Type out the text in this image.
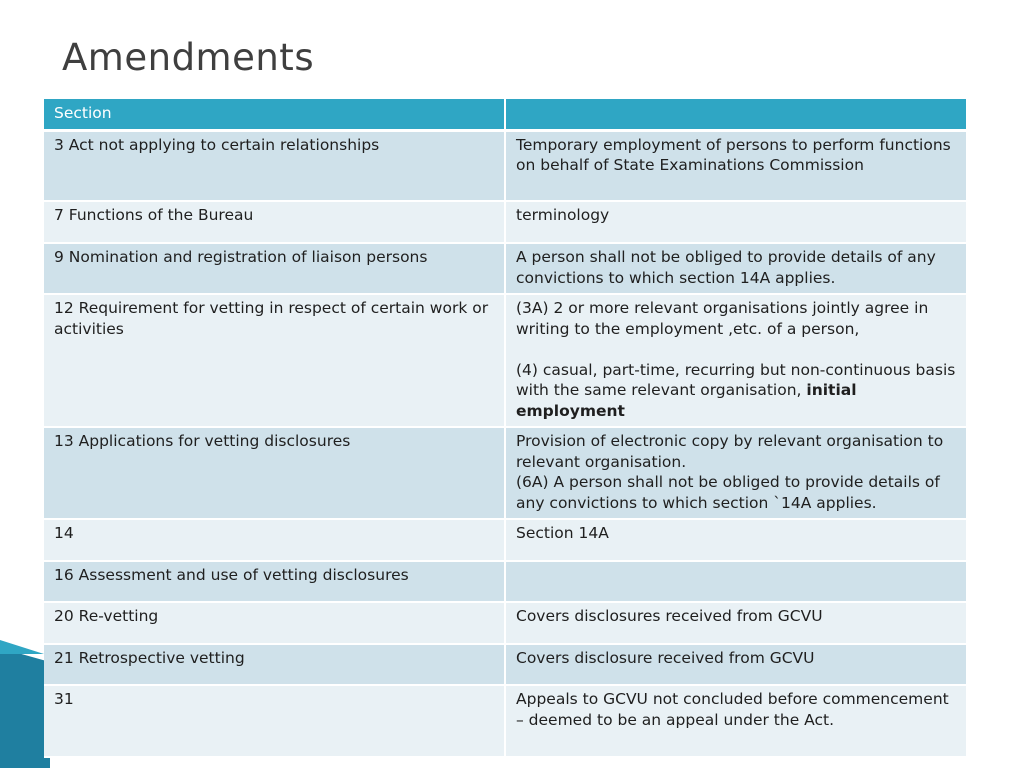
Amendments
Section	
3 Act not applying to certain relationships	Temporary employment of persons to perform functions on behalf of State Examinations Commission
7 Functions of the Bureau	terminology
9 Nomination and registration of liaison persons	A person shall not be obliged to provide details of any convictions to which section 14A applies.
12 Requirement for vetting in respect of certain work or activities	(3A) 2 or more relevant organisations jointly agree in writing to the employment ,etc. of a person,
(4) casual, part-time, recurring but non-continuous basis with the same relevant organisation, initial employment
13 Applications for vetting disclosures	Provision of electronic copy by relevant organisation to relevant organisation.
(6A) A person shall not be obliged to provide details of any convictions to which section `14A applies.

14	Section 14A
16 Assessment and use of vetting disclosures	
20 Re-vetting	Covers disclosures received from GCVU
21 Retrospective vetting	Covers disclosure received from GCVU
31	Appeals to GCVU not concluded before commencement – deemed to be an appeal under the Act.
